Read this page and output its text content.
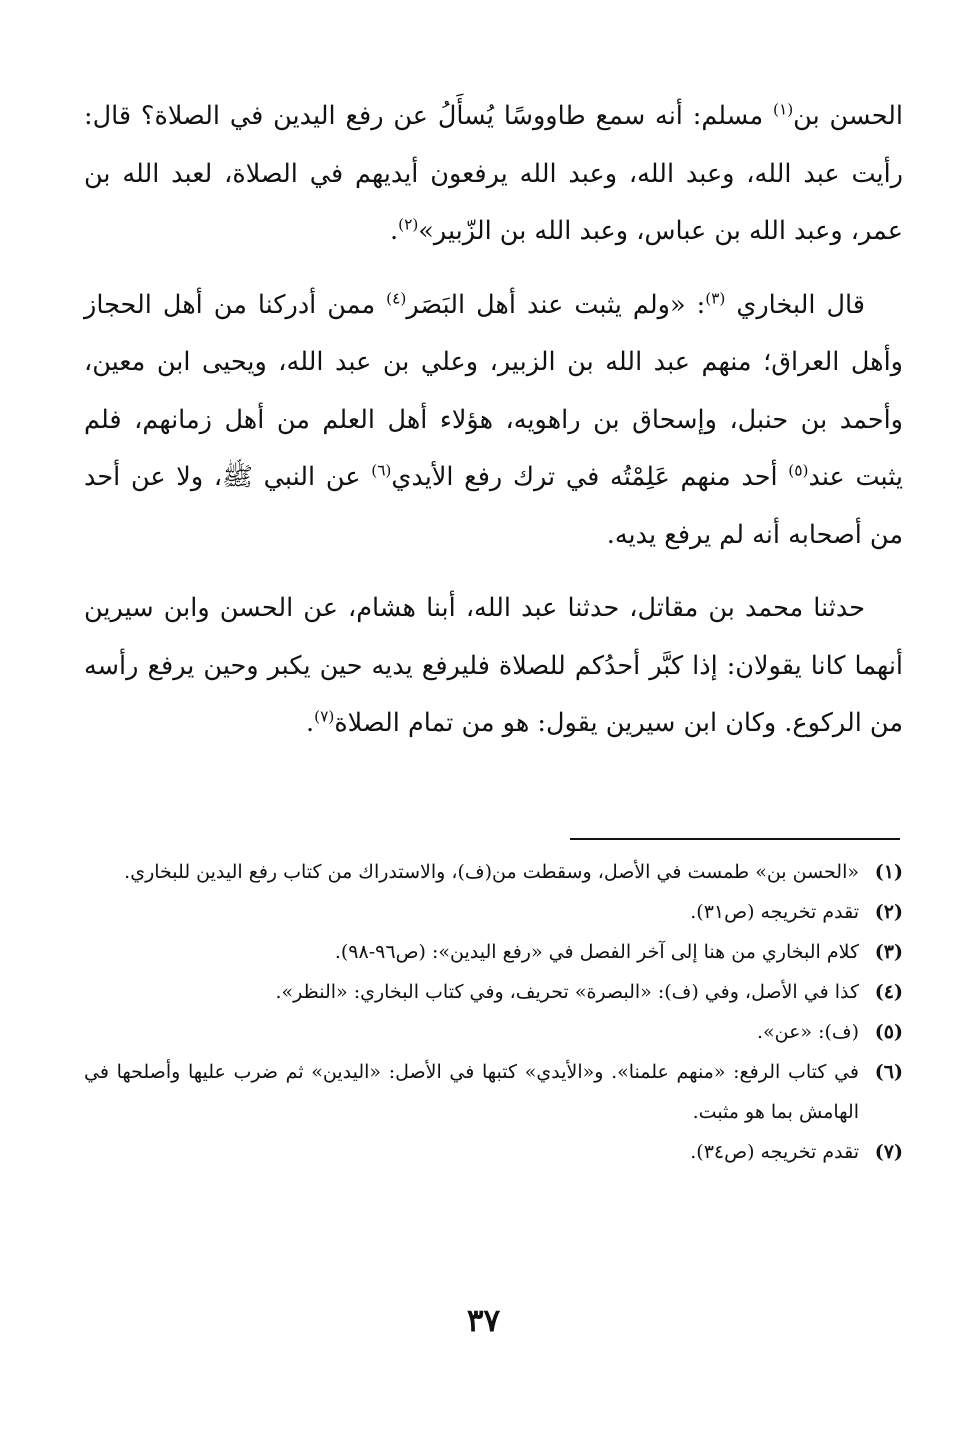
الحسن بن$^{(١)}$ مسلم: أنه سمع طاووسًا يُسأَلُ عن رفع اليدين في الصلاة؟ قال: رأيت عبد الله، وعبد الله، وعبد الله يرفعون أيديهم في الصلاة، لعبد الله بن عمر، وعبد الله بن عباس، وعبد الله بن الزّبير»$^{(٢)}$.

قال البخاري $^{(٣)}$: «ولم يثبت عند أهل البَصَر$^{(٤)}$ ممن أدركنا من أهل الحجاز وأهل العراق؛ منهم عبد الله بن الزبير، وعلي بن عبد الله، ويحيى ابن معين، وأحمد بن حنبل، وإسحاق بن راهويه، هؤلاء أهل العلم من أهل زمانهم، فلم يثبت عند$^{(٥)}$ أحد منهم عَلِمْتُه في ترك رفع الأيدي$^{(٦)}$ عن النبي ﷺ، ولا عن أحد من أصحابه أنه لم يرفع يديه.

حدثنا محمد بن مقاتل، حدثنا عبد الله، أبنا هشام، عن الحسن وابن سيرين أنهما كانا يقولان: إذا كبَّر أحدُكم للصلاة فليرفع يديه حين يكبر وحين يرفع رأسه من الركوع. وكان ابن سيرين يقول: هو من تمام الصلاة$^{(٧)}$.

(١)
«الحسن بن» طمست في الأصل، وسقطت من(ف)، والاستدراك من كتاب رفع اليدين للبخاري.
(٢)
تقدم تخريجه (ص٣١).
(٣)
كلام البخاري من هنا إلى آخر الفصل في «رفع اليدين»: (ص٩٦-٩٨).
(٤)
كذا في الأصل، وفي (ف): «البصرة» تحريف، وفي كتاب البخاري: «النظر».
(٥)
(ف): «عن».
(٦)
في كتاب الرفع: «منهم علمنا». و«الأيدي» كتبها في الأصل: «اليدين» ثم ضرب عليها وأصلحها في الهامش بما هو مثبت.
(٧)
تقدم تخريجه (ص٣٤).
٣٧
